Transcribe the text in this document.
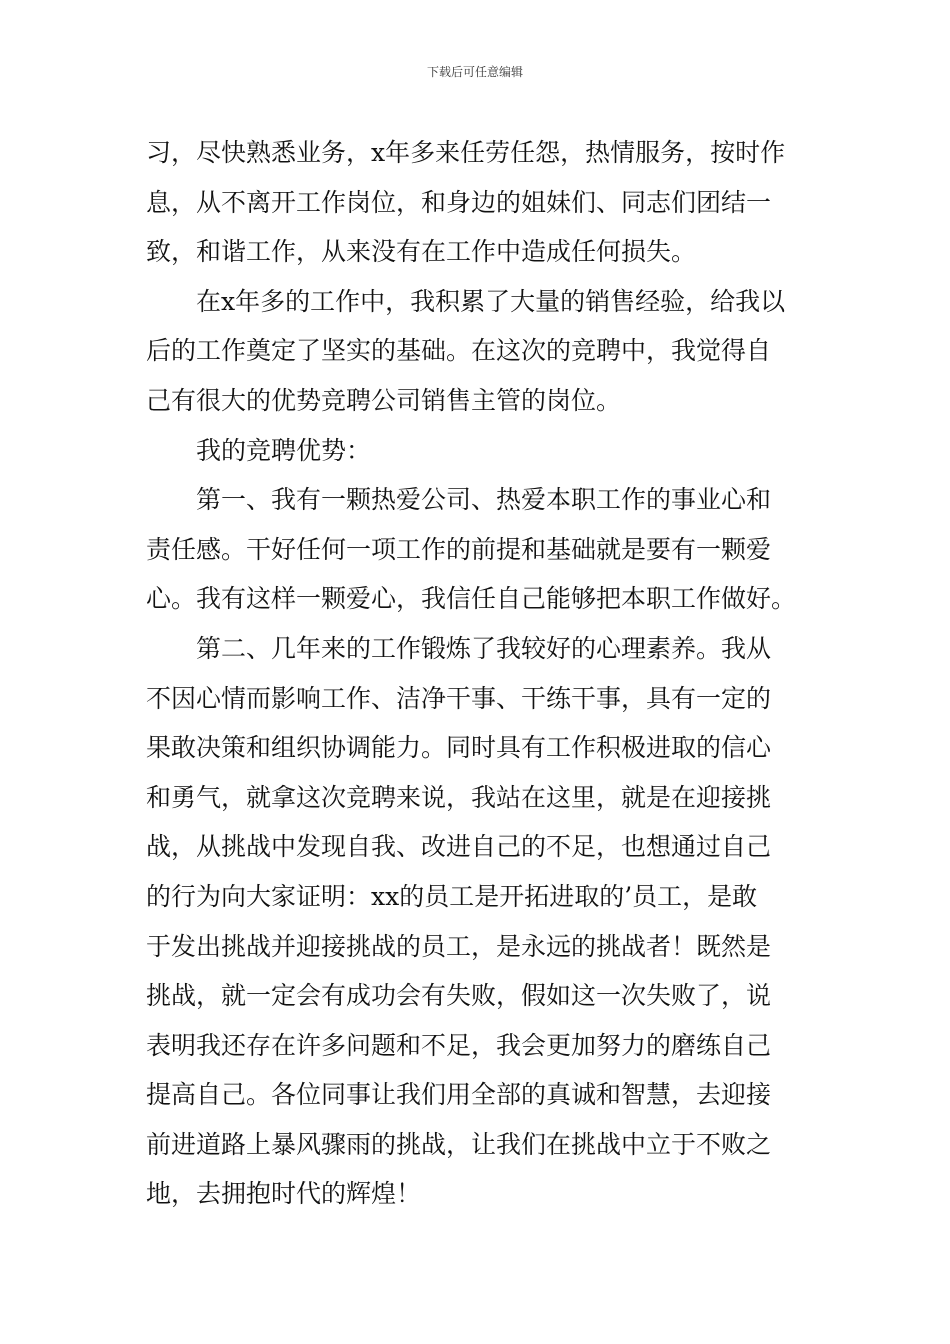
下载后可任意编辑
习，尽快熟悉业务，x年多来任劳任怨，热情服务，按时作
息，从不离开工作岗位，和身边的姐妹们、同志们团结一
致，和谐工作，从来没有在工作中造成任何损失。
在x年多的工作中，我积累了大量的销售经验，给我以
后的工作奠定了坚实的基础。在这次的竞聘中，我觉得自
己有很大的优势竞聘公司销售主管的岗位。
我的竞聘优势：
第一、我有一颗热爱公司、热爱本职工作的事业心和
责任感。干好任何一项工作的前提和基础就是要有一颗爱
心。我有这样一颗爱心，我信任自己能够把本职工作做好。
第二、几年来的工作锻炼了我较好的心理素养。我从
不因心情而影响工作、洁净干事、干练干事，具有一定的
果敢决策和组织协调能力。同时具有工作积极进取的信心
和勇气，就拿这次竞聘来说，我站在这里，就是在迎接挑
战，从挑战中发现自我、改进自己的不足，也想通过自己
的行为向大家证明：xx的员工是开拓进取的’员工，是敢
于发出挑战并迎接挑战的员工，是永远的挑战者！既然是
挑战，就一定会有成功会有失败，假如这一次失败了，说
表明我还存在许多问题和不足，我会更加努力的磨练自己
提高自己。各位同事让我们用全部的真诚和智慧，去迎接
前进道路上暴风骤雨的挑战，让我们在挑战中立于不败之
地，去拥抱时代的辉煌！
